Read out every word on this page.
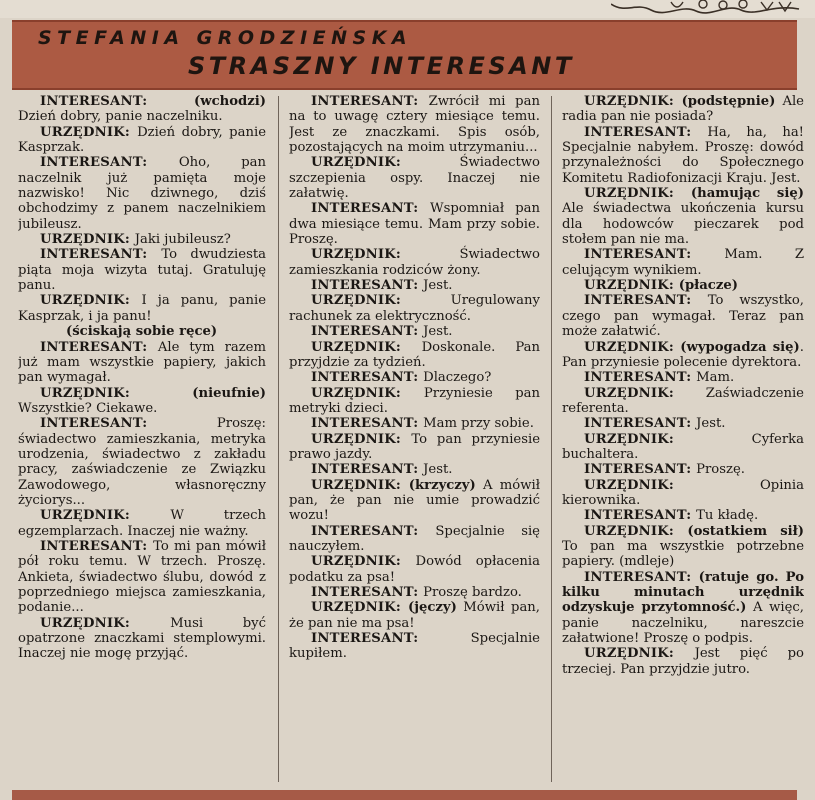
STEFANIA GRODZIEŃSKA
STRASZNY INTERESANT

INTERESANT: (wchodzi) Dzień dobry, panie naczelniku.

URZĘDNIK: Dzień dobry, panie Kasprzak.

INTERESANT: Oho, pan naczelnik już pamięta moje nazwisko! Nic dziwnego, dziś obchodzimy z panem naczelnikiem jubileusz.

URZĘDNIK: Jaki jubileusz?

INTERESANT: To dwudziesta piąta moja wizyta tutaj. Gratuluję panu.

URZĘDNIK: I ja panu, panie Kasprzak, i ja panu!

(ściskają sobie ręce)

INTERESANT: Ale tym razem już mam wszystkie papiery, jakich pan wymagał.

URZĘDNIK: (nieufnie) Wszystkie? Ciekawe.

INTERESANT: Proszę: świadectwo zamieszkania, metryka urodzenia, świadectwo z zakładu pracy, zaświadczenie ze Związku Zawodowego, własnoręczny życiorys...

URZĘDNIK: W trzech egzemplarzach. Inaczej nie ważny.

INTERESANT: To mi pan mówił pół roku temu. W trzech. Proszę. Ankieta, świadectwo ślubu, dowód z poprzedniego miejsca zamieszkania, podanie...

URZĘDNIK: Musi być opatrzone znaczkami stemplowymi. Inaczej nie mogę przyjąć.

INTERESANT: Zwrócił mi pan na to uwagę cztery miesiące temu. Jest ze znaczkami. Spis osób, pozostających na moim utrzymaniu...

URZĘDNIK: Świadectwo szczepienia ospy. Inaczej nie załatwię.

INTERESANT: Wspomniał pan dwa miesiące temu. Mam przy sobie. Proszę.

URZĘDNIK: Świadectwo zamieszkania rodziców żony.

INTERESANT: Jest.

URZĘDNIK: Uregulowany rachunek za elektryczność.

INTERESANT: Jest.

URZĘDNIK: Doskonale. Pan przyjdzie za tydzień.

INTERESANT: Dlaczego?

URZĘDNIK: Przyniesie pan metryki dzieci.

INTERESANT: Mam przy sobie.

URZĘDNIK: To pan przyniesie prawo jazdy.

INTERESANT: Jest.

URZĘDNIK: (krzyczy) A mówił pan, że pan nie umie prowadzić wozu!

INTERESANT: Specjalnie się nauczyłem.

URZĘDNIK: Dowód opłacenia podatku za psa!

INTERESANT: Proszę bardzo.

URZĘDNIK: (jęczy) Mówił pan, że pan nie ma psa!

INTERESANT: Specjalnie kupiłem.

URZĘDNIK: (podstępnie) Ale radia pan nie posiada?

INTERESANT: Ha, ha, ha! Specjalnie nabyłem. Proszę: dowód przynależności do Społecznego Komitetu Radiofonizacji Kraju. Jest.

URZĘDNIK: (hamując się) Ale świadectwa ukończenia kursu dla hodowców pieczarek pod stołem pan nie ma.

INTERESANT: Mam. Z celującym wynikiem.

URZĘDNIK: (płacze)

INTERESANT: To wszystko, czego pan wymagał. Teraz pan może załatwić.

URZĘDNIK: (wypogadza się). Pan przyniesie polecenie dyrektora.

INTERESANT: Mam.

URZĘDNIK: Zaświadczenie referenta.

INTERESANT: Jest.

URZĘDNIK: Cyferka buchaltera.

INTERESANT: Proszę.

URZĘDNIK: Opinia kierownika.

INTERESANT: Tu kładę.

URZĘDNIK: (ostatkiem sił) To pan ma wszystkie potrzebne papiery. (mdleje)

INTERESANT: (ratuje go. Po kilku minutach urzędnik odzyskuje przytomność.) A więc, panie naczelniku, nareszcie załatwione! Proszę o podpis.

URZĘDNIK: Jest pięć po trzeciej. Pan przyjdzie jutro.
